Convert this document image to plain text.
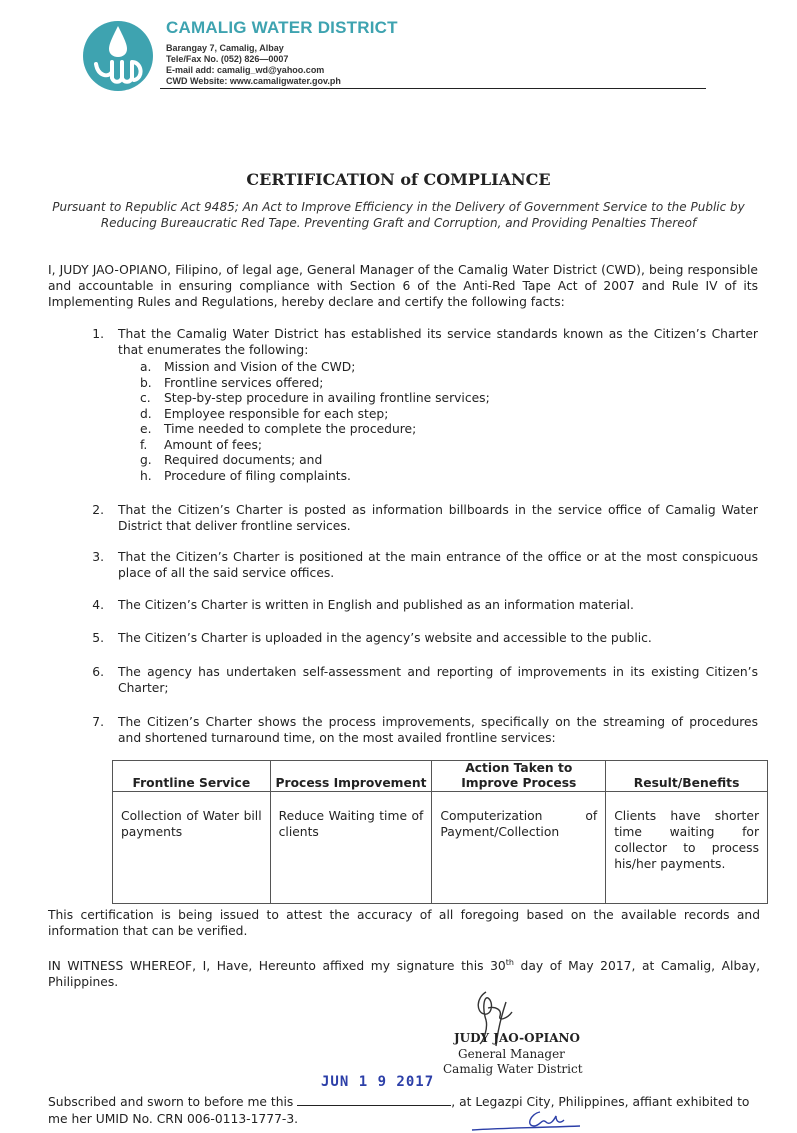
CAMALIG WATER DISTRICT
Barangay 7, Camalig, Albay
Tele/Fax No. (052) 826—0007
E-mail add: camalig_wd@yahoo.com
CWD Website: www.camaligwater.gov.ph
CERTIFICATION of COMPLIANCE
Pursuant to Republic Act 9485; An Act to Improve Efficiency in the Delivery of Government Service to the Public by Reducing Bureaucratic Red Tape. Preventing Graft and Corruption, and Providing Penalties Thereof
I, JUDY JAO-OPIANO, Filipino, of legal age, General Manager of the Camalig Water District (CWD), being responsible and accountable in ensuring compliance with Section 6 of the Anti-Red Tape Act of 2007 and Rule IV of its Implementing Rules and Regulations, hereby declare and certify the following facts:
1. That the Camalig Water District has established its service standards known as the Citizen’s Charter that enumerates the following:
a. Mission and Vision of the CWD;
b. Frontline services offered;
c. Step-by-step procedure in availing frontline services;
d. Employee responsible for each step;
e. Time needed to complete the procedure;
f. Amount of fees;
g. Required documents; and
h. Procedure of filing complaints.
2. That the Citizen’s Charter is posted as information billboards in the service office of Camalig Water District that deliver frontline services.
3. That the Citizen’s Charter is positioned at the main entrance of the office or at the most conspicuous place of all the said service offices.
4. The Citizen’s Charter is written in English and published as an information material.
5. The Citizen’s Charter is uploaded in the agency’s website and accessible to the public.
6. The agency has undertaken self-assessment and reporting of improvements in its existing Citizen’s Charter;
7. The Citizen’s Charter shows the process improvements, specifically on the streaming of procedures and shortened turnaround time, on the most availed frontline services:
Frontline Service	Process Improvement	Action Taken to Improve Process	Result/Benefits
Collection of Water bill payments	Reduce Waiting time of clients	Computerization of Payment/Collection	Clients have shorter time waiting for collector to process his/her payments.
This certification is being issued to attest the accuracy of all foregoing based on the available records and information that can be verified.
IN WITNESS WHEREOF, I, Have, Hereunto affixed my signature this 30th day of May 2017, at Camalig, Albay, Philippines.
JUDY JAO-OPIANO
General Manager
Camalig Water District
JUN 1 9 2017
Subscribed and sworn to before me this	, at Legazpi City, Philippines, affiant exhibited to
me her UMID No. CRN 006-0113-1777-3.
